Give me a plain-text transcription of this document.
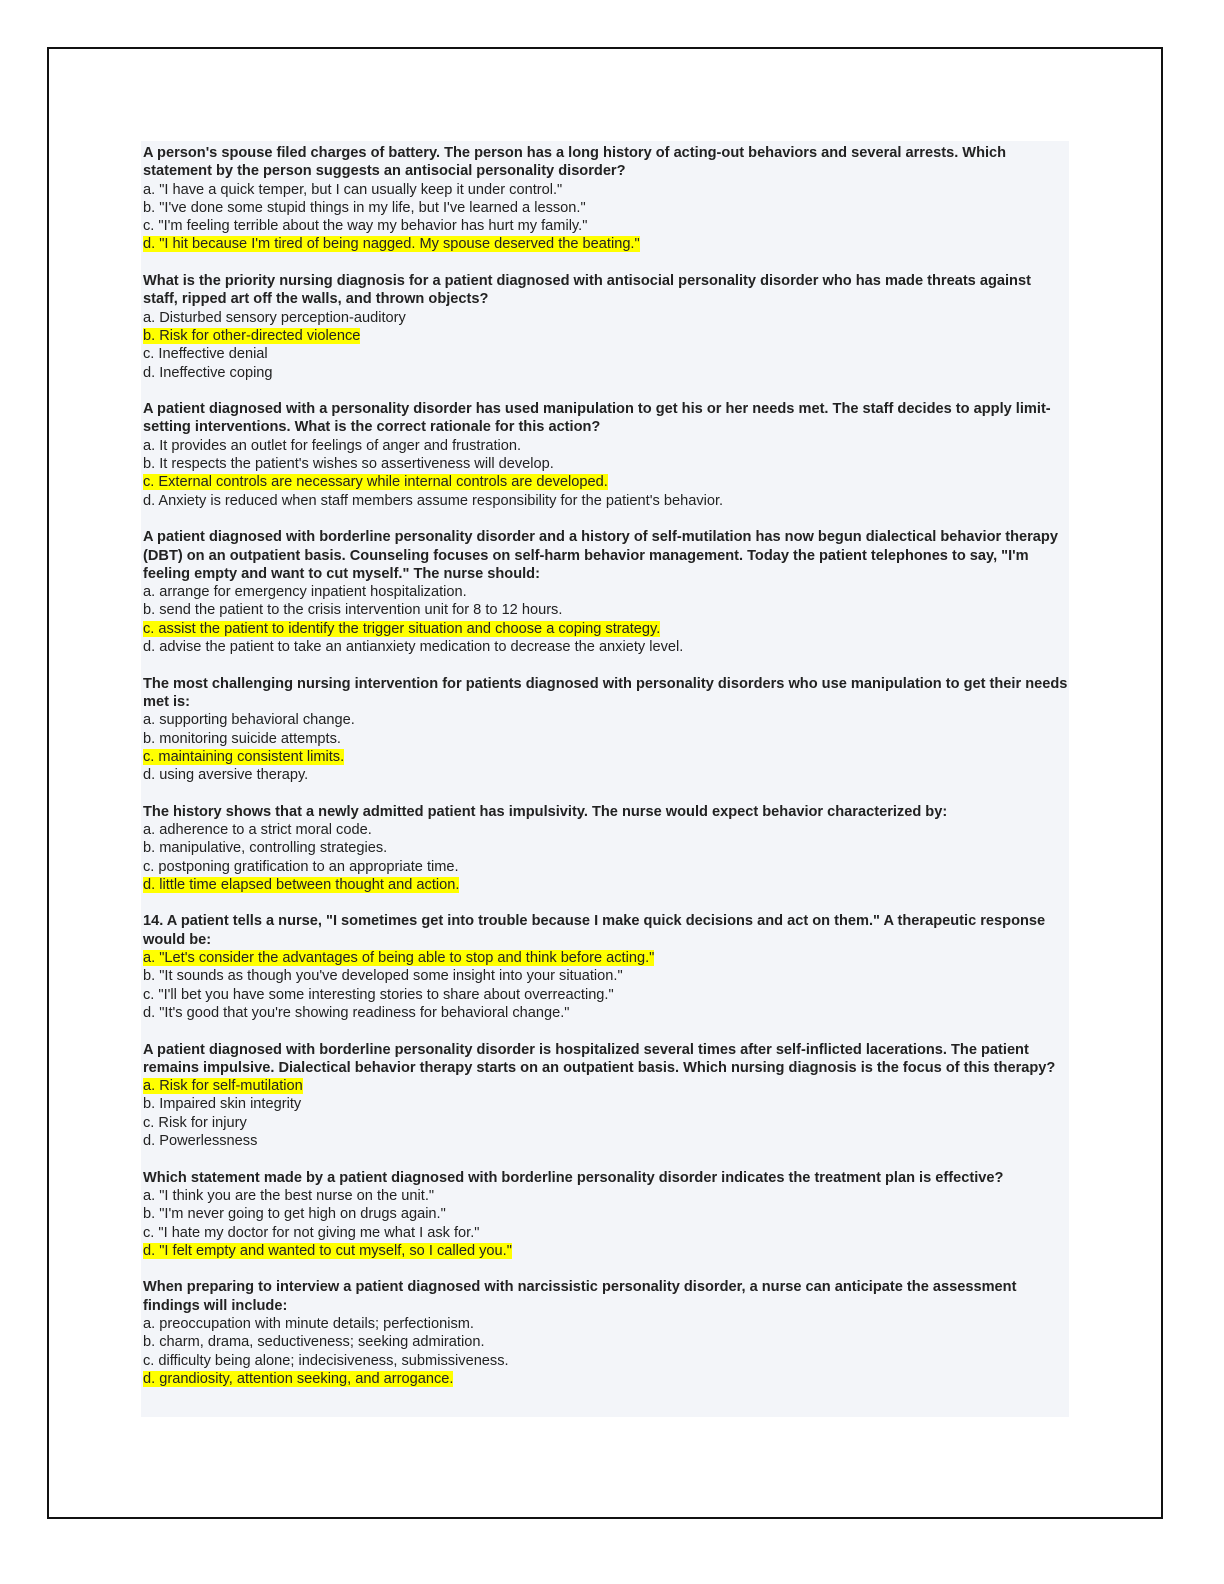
A person's spouse filed charges of battery. The person has a long history of acting-out behaviors and several arrests. Which statement by the person suggests an antisocial personality disorder?
a. "I have a quick temper, but I can usually keep it under control."
b. "I've done some stupid things in my life, but I've learned a lesson."
c. "I'm feeling terrible about the way my behavior has hurt my family."
d. "I hit because I'm tired of being nagged. My spouse deserved the beating."
What is the priority nursing diagnosis for a patient diagnosed with antisocial personality disorder who has made threats against staff, ripped art off the walls, and thrown objects?
a. Disturbed sensory perception-auditory
b. Risk for other-directed violence
c. Ineffective denial
d. Ineffective coping
A patient diagnosed with a personality disorder has used manipulation to get his or her needs met. The staff decides to apply limit-setting interventions. What is the correct rationale for this action?
a. It provides an outlet for feelings of anger and frustration.
b. It respects the patient's wishes so assertiveness will develop.
c. External controls are necessary while internal controls are developed.
d. Anxiety is reduced when staff members assume responsibility for the patient's behavior.
A patient diagnosed with borderline personality disorder and a history of self-mutilation has now begun dialectical behavior therapy (DBT) on an outpatient basis. Counseling focuses on self-harm behavior management. Today the patient telephones to say, "I'm feeling empty and want to cut myself." The nurse should:
a. arrange for emergency inpatient hospitalization.
b. send the patient to the crisis intervention unit for 8 to 12 hours.
c. assist the patient to identify the trigger situation and choose a coping strategy.
d. advise the patient to take an antianxiety medication to decrease the anxiety level.
The most challenging nursing intervention for patients diagnosed with personality disorders who use manipulation to get their needs met is:
a. supporting behavioral change.
b. monitoring suicide attempts.
c. maintaining consistent limits.
d. using aversive therapy.
The history shows that a newly admitted patient has impulsivity. The nurse would expect behavior characterized by:
a. adherence to a strict moral code.
b. manipulative, controlling strategies.
c. postponing gratification to an appropriate time.
d. little time elapsed between thought and action.
14. A patient tells a nurse, "I sometimes get into trouble because I make quick decisions and act on them." A therapeutic response would be:
a. "Let's consider the advantages of being able to stop and think before acting."
b. "It sounds as though you've developed some insight into your situation."
c. "I'll bet you have some interesting stories to share about overreacting."
d. "It's good that you're showing readiness for behavioral change."
A patient diagnosed with borderline personality disorder is hospitalized several times after self-inflicted lacerations. The patient remains impulsive. Dialectical behavior therapy starts on an outpatient basis. Which nursing diagnosis is the focus of this therapy?
a. Risk for self-mutilation
b. Impaired skin integrity
c. Risk for injury
d. Powerlessness
Which statement made by a patient diagnosed with borderline personality disorder indicates the treatment plan is effective?
a. "I think you are the best nurse on the unit."
b. "I'm never going to get high on drugs again."
c. "I hate my doctor for not giving me what I ask for."
d. "I felt empty and wanted to cut myself, so I called you."
When preparing to interview a patient diagnosed with narcissistic personality disorder, a nurse can anticipate the assessment findings will include:
a. preoccupation with minute details; perfectionism.
b. charm, drama, seductiveness; seeking admiration.
c. difficulty being alone; indecisiveness, submissiveness.
d. grandiosity, attention seeking, and arrogance.
